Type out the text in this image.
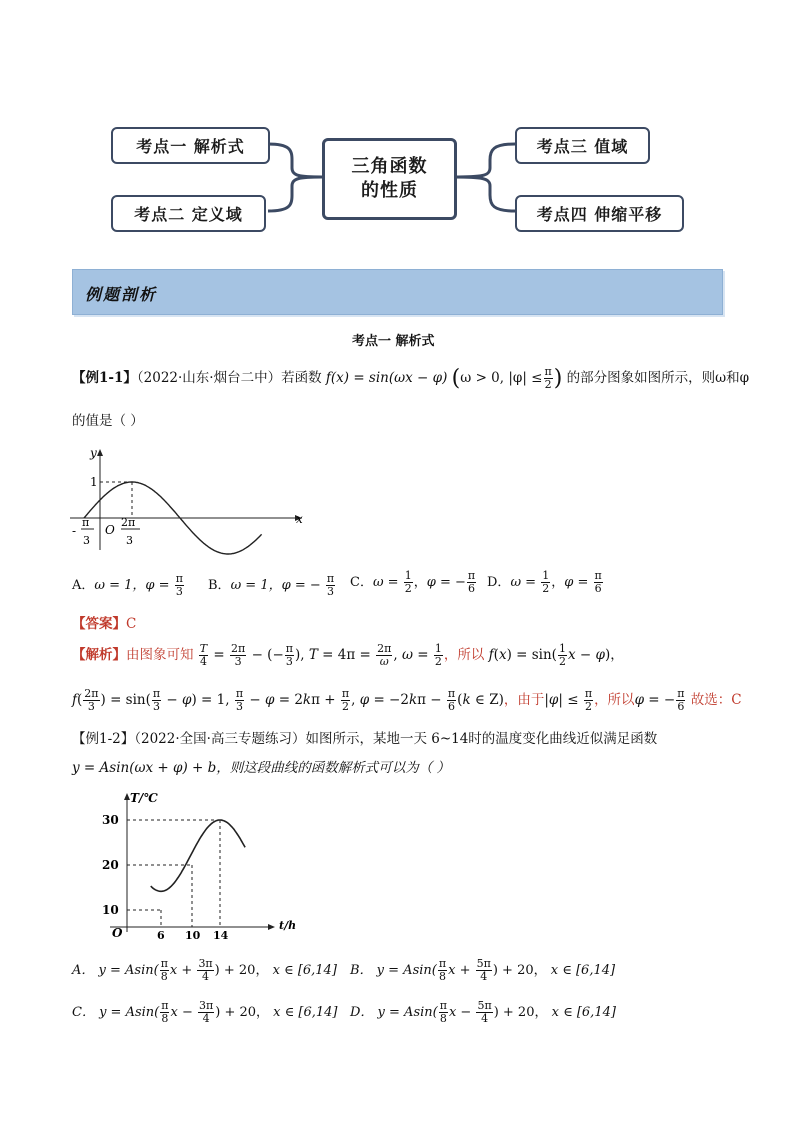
考点一 解析式
考点二 定义域
三角函数
的性质
考点三 值域
考点四 伸缩平移
例题剖析
考点一 解析式
【例1-1】（2022·山东·烟台二中）若函数 f(x) = sin(ωx − φ) (ω > 0, $|\varphi| \le \frac{\pi}{2}$ ) 的部分图象如图所示，则ω和φ
的值是（ ）
y
x
1
O
-
π
3
2π
3
A．ω = 1，$\varphi = \frac{\pi}{3}$ B．ω = 1，φ = − $\frac{\pi}{3}$ C．$\omega = \frac{1}{2}$ ，φ = − $\frac{\pi}{6}$ D．$\omega = \frac{1}{2}$ ，$\varphi = \frac{\pi}{6}$
【答案】C
【解析】由图象可知 $\frac{T}{4} = \frac{2\pi}{3}$ − (− $\frac{\pi}{3}$ ), $T = 4\pi = \frac{2\pi}{\omega}$ , $\omega = \frac{1}{2}$ ，所以 $f(x) = \sin( \frac{1}{2}$ x − φ)，
$f( \frac{2\pi}{3}$ ) = $\sin( \frac{\pi}{3} - \varphi) = 1$, $\frac{\pi}{3} - \varphi = 2k\pi + \frac{\pi}{2}$ , $\varphi = -2k\pi - \frac{\pi}{6} (k$ ∈ Z)，由于$|\varphi| \le \frac{\pi}{2}$ ，所以φ = − $\frac{\pi}{6}$ 故选：C
【例1-2】（2022·全国·高三专题练习）如图所示，某地一天 6~14时的温度变化曲线近似满足函数
y = Asin(ωx + φ) + b，则这段曲线的函数解析式可以为（ ）
T/℃
t/h
O
30
20
10
6 10 14
A． $y = Asin( \frac{\pi}{8}$ $x + \frac{3\pi}{4}$ ) + 20， x ∈ [6,14] B． $y = Asin( \frac{\pi}{8}$ $x + \frac{5\pi}{4}$ ) + 20， x ∈ [6,14]
C． $y = Asin( \frac{\pi}{8}$ $x - \frac{3\pi}{4}$ ) + 20， x ∈ [6,14] D． $y = Asin( \frac{\pi}{8}$ $x - \frac{5\pi}{4}$ ) + 20， x ∈ [6,14]
